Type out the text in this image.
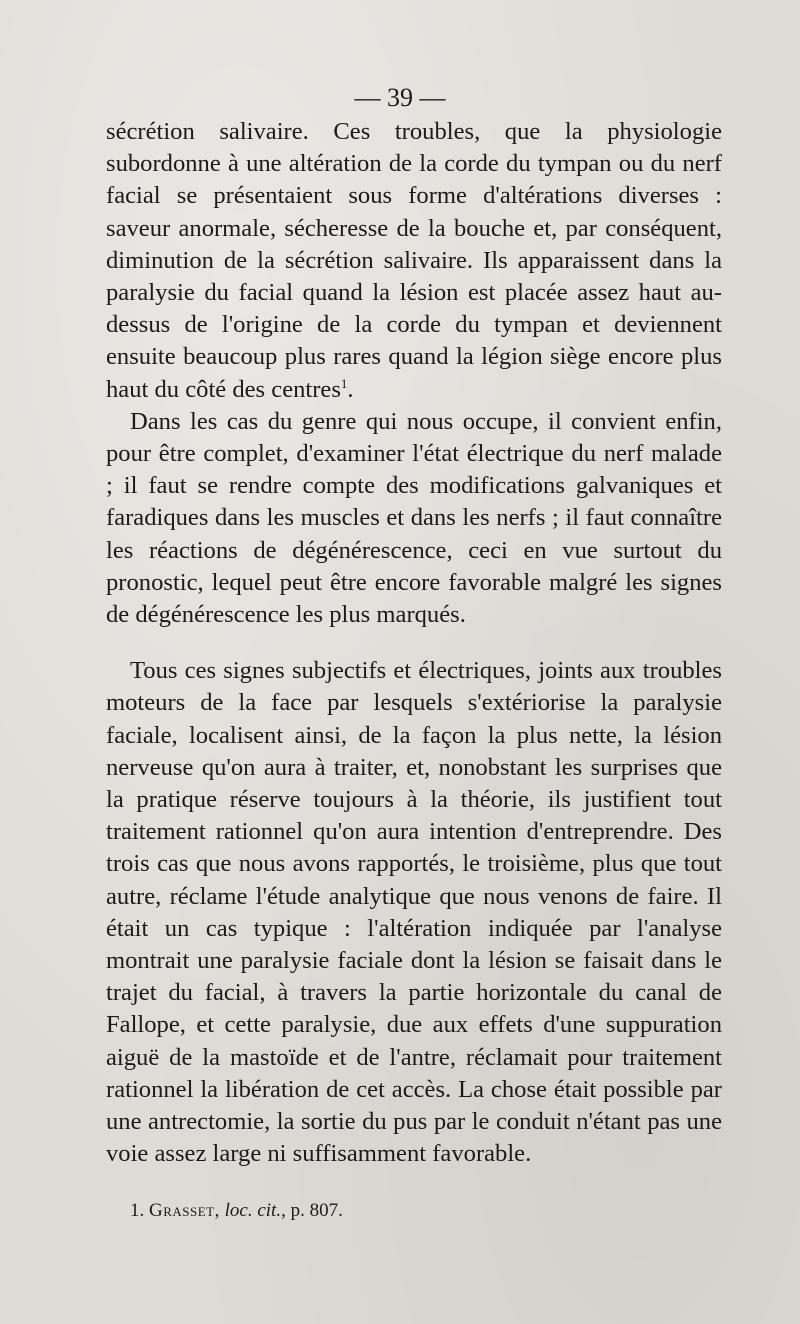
— 39 —

sécrétion salivaire. Ces troubles, que la physiologie subordonne à une altération de la corde du tympan ou du nerf facial se présentaient sous forme d'altérations diverses : saveur anormale, sécheresse de la bouche et, par conséquent, diminution de la sécrétion salivaire. Ils apparaissent dans la paralysie du facial quand la lésion est placée assez haut au-dessus de l'origine de la corde du tympan et deviennent ensuite beaucoup plus rares quand la légion siège encore plus haut du côté des centres$^1$.

Dans les cas du genre qui nous occupe, il convient enfin, pour être complet, d'examiner l'état électrique du nerf malade ; il faut se rendre compte des modifications galvaniques et faradiques dans les muscles et dans les nerfs ; il faut connaître les réactions de dégénérescence, ceci en vue surtout du pronostic, lequel peut être encore favorable malgré les signes de dégénérescence les plus marqués.

Tous ces signes subjectifs et électriques, joints aux troubles moteurs de la face par lesquels s'extériorise la paralysie faciale, localisent ainsi, de la façon la plus nette, la lésion nerveuse qu'on aura à traiter, et, nonobstant les surprises que la pratique réserve toujours à la théorie, ils justifient tout traitement rationnel qu'on aura intention d'entreprendre. Des trois cas que nous avons rapportés, le troisième, plus que tout autre, réclame l'étude analytique que nous venons de faire. Il était un cas typique : l'altération indiquée par l'analyse montrait une paralysie faciale dont la lésion se faisait dans le trajet du facial, à travers la partie horizontale du canal de Fallope, et cette paralysie, due aux effets d'une suppuration aiguë de la mastoïde et de l'antre, réclamait pour traitement rationnel la libération de cet accès. La chose était possible par une antrectomie, la sortie du pus par le conduit n'étant pas une voie assez large ni suffisamment favorable.

1. Grasset, loc. cit., p. 807.
